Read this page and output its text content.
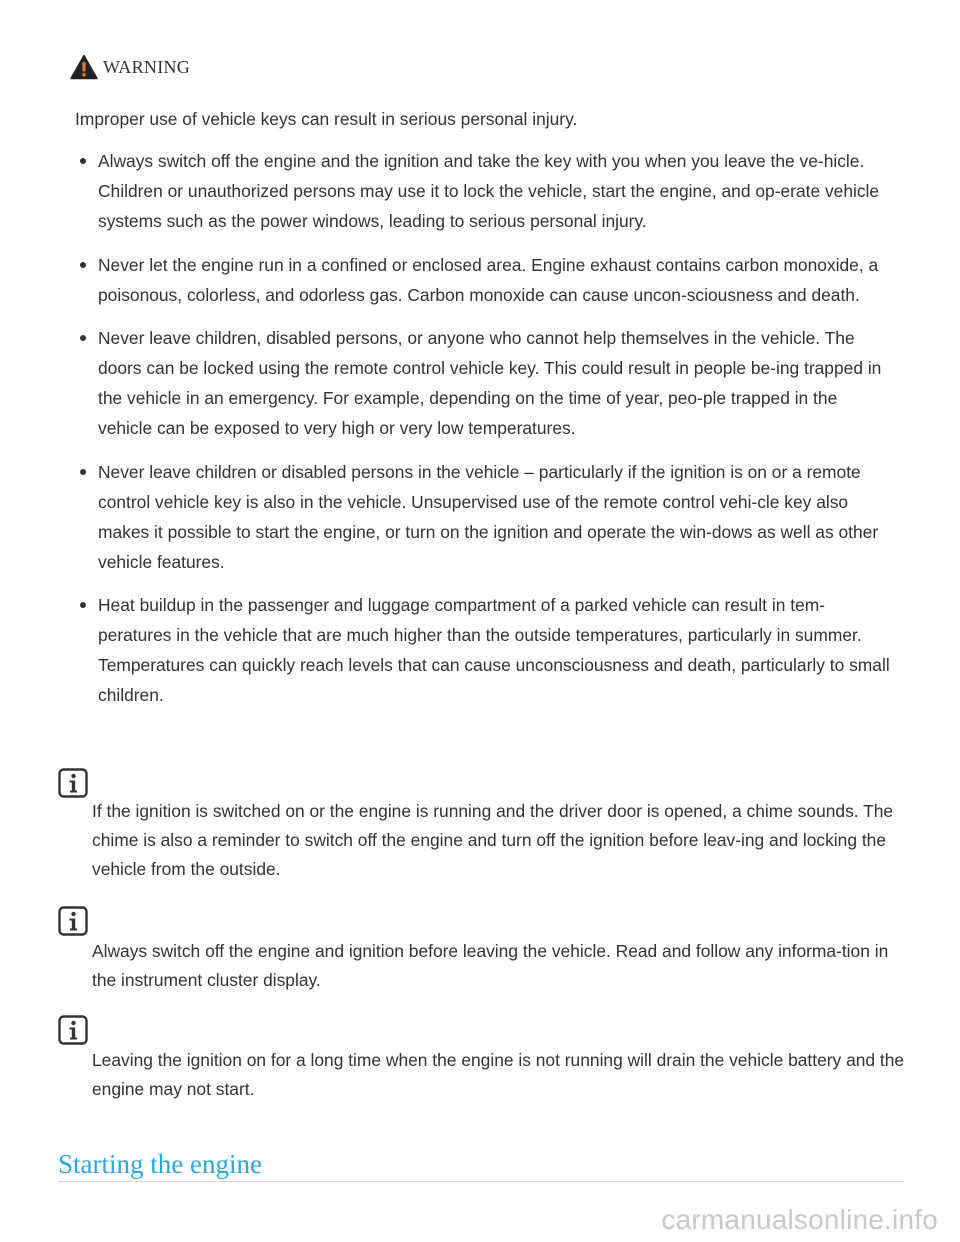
WARNING

Improper use of vehicle keys can result in serious personal injury.

Always switch off the engine and the ignition and take the key with you when you leave the ve-hicle. Children or unauthorized persons may use it to lock the vehicle, start the engine, and op-erate vehicle systems such as the power windows, leading to serious personal injury.
Never let the engine run in a confined or enclosed area. Engine exhaust contains carbon monoxide, a poisonous, colorless, and odorless gas. Carbon monoxide can cause uncon-sciousness and death.
Never leave children, disabled persons, or anyone who cannot help themselves in the vehicle. The doors can be locked using the remote control vehicle key. This could result in people be-ing trapped in the vehicle in an emergency. For example, depending on the time of year, peo-ple trapped in the vehicle can be exposed to very high or very low temperatures.
Never leave children or disabled persons in the vehicle – particularly if the ignition is on or a remote control vehicle key is also in the vehicle. Unsupervised use of the remote control vehi-cle key also makes it possible to start the engine, or turn on the ignition and operate the win-dows as well as other vehicle features.
Heat buildup in the passenger and luggage compartment of a parked vehicle can result in tem-peratures in the vehicle that are much higher than the outside temperatures, particularly in summer. Temperatures can quickly reach levels that can cause unconsciousness and death, particularly to small children.

If the ignition is switched on or the engine is running and the driver door is opened, a chime sounds. The chime is also a reminder to switch off the engine and turn off the ignition before leav-ing and locking the vehicle from the outside.

Always switch off the engine and ignition before leaving the vehicle. Read and follow any informa-tion in the instrument cluster display.

Leaving the ignition on for a long time when the engine is not running will drain the vehicle battery and the engine may not start.

Starting the engine
carmanualsonline.info
